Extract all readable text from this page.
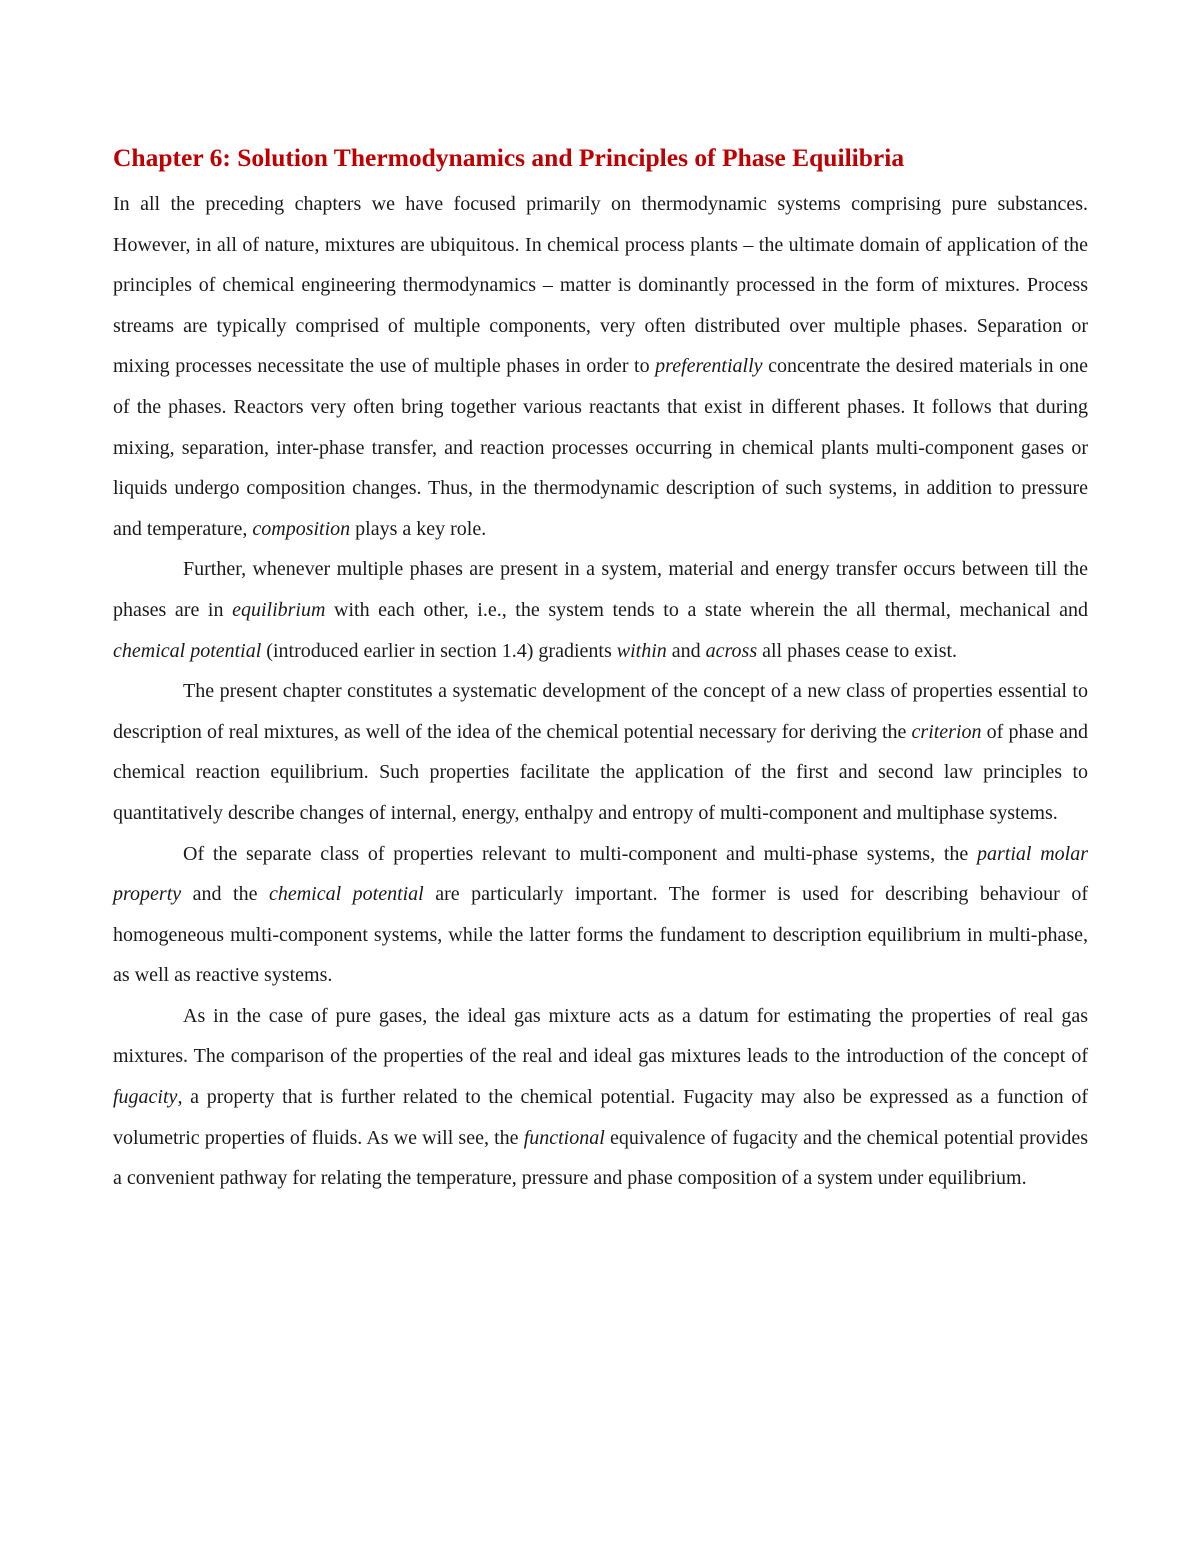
Chapter 6: Solution Thermodynamics and Principles of Phase Equilibria

In all the preceding chapters we have focused primarily on thermodynamic systems comprising pure substances. However, in all of nature, mixtures are ubiquitous. In chemical process plants – the ultimate domain of application of the principles of chemical engineering thermodynamics – matter is dominantly processed in the form of mixtures. Process streams are typically comprised of multiple components, very often distributed over multiple phases. Separation or mixing processes necessitate the use of multiple phases in order to preferentially concentrate the desired materials in one of the phases. Reactors very often bring together various reactants that exist in different phases. It follows that during mixing, separation, inter-phase transfer, and reaction processes occurring in chemical plants multi-component gases or liquids undergo composition changes. Thus, in the thermodynamic description of such systems, in addition to pressure and temperature, composition plays a key role.

Further, whenever multiple phases are present in a system, material and energy transfer occurs between till the phases are in equilibrium with each other, i.e., the system tends to a state wherein the all thermal, mechanical and chemical potential (introduced earlier in section 1.4) gradients within and across all phases cease to exist.

The present chapter constitutes a systematic development of the concept of a new class of properties essential to description of real mixtures, as well of the idea of the chemical potential necessary for deriving the criterion of phase and chemical reaction equilibrium. Such properties facilitate the application of the first and second law principles to quantitatively describe changes of internal, energy, enthalpy and entropy of multi-component and multiphase systems.

Of the separate class of properties relevant to multi-component and multi-phase systems, the partial molar property and the chemical potential are particularly important. The former is used for describing behaviour of homogeneous multi-component systems, while the latter forms the fundament to description equilibrium in multi-phase, as well as reactive systems.

As in the case of pure gases, the ideal gas mixture acts as a datum for estimating the properties of real gas mixtures. The comparison of the properties of the real and ideal gas mixtures leads to the introduction of the concept of fugacity, a property that is further related to the chemical potential. Fugacity may also be expressed as a function of volumetric properties of fluids. As we will see, the functional equivalence of fugacity and the chemical potential provides a convenient pathway for relating the temperature, pressure and phase composition of a system under equilibrium.
